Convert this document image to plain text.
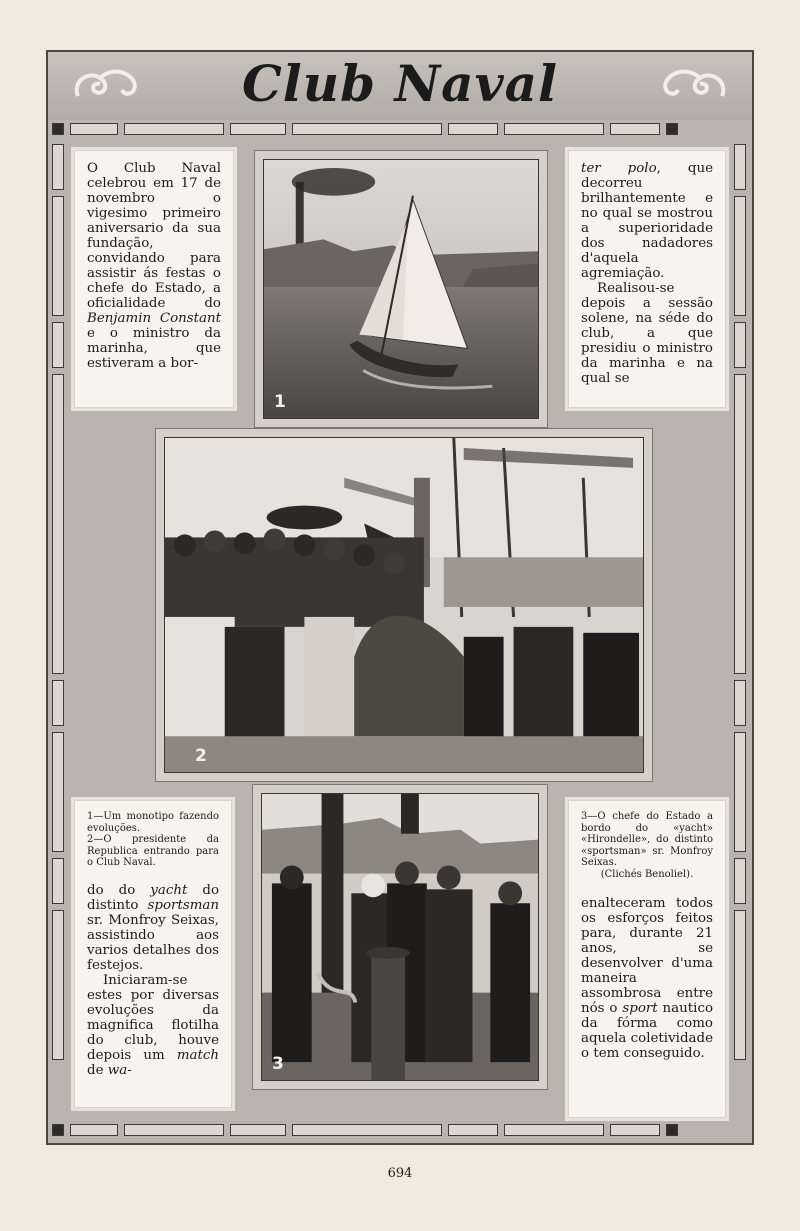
Club Naval

O Club Naval celebrou em 17 de novembro o vigesimo primeiro aniversario da sua fundação, convidando para assistir ás festas o chefe do Estado, a oficialidade do Benjamin Constant e o ministro da marinha, que estiveram a bor-

1

ter polo, que decorreu brilhantemente e no qual se mostrou a superioridade dos nadadores d'aquela agremiação.

Realisou-se depois a sessão solene, na séde do club, a que presidiu o ministro da marinha e na qual se

2

1—Um monotipo fazendo evoluções.

2—O presidente da Republica entrando para o Club Naval.

do do yacht do distinto sportsman sr. Monfroy Seixas, assistindo aos varios detalhes dos festejos.

Iniciaram-se estes por diversas evoluções da magnifica flotilha do club, houve depois um match de wa-	3

3—O chefe do Estado a bordo do «yacht» «Hirondelle», do distinto «sportsman» sr. Monfroy Seixas.

(Clichés Benoliel).

enalteceram todos os esforços feitos para, durante 21 anos, se desenvolver d'uma maneira assombrosa entre nós o sport nautico da fórma como aquela coletividade o tem conseguido.

694
